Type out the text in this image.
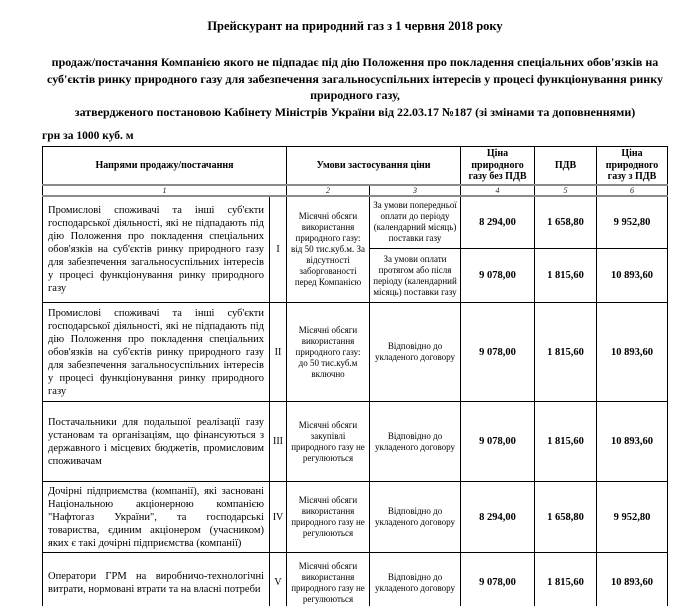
Прейскурант на природний газ з 1 червня 2018 року
продаж/постачання Компанією якого не підпадає під дію Положення про покладення спеціальних обов'язків на суб'єктів ринку природного газу для забезпечення загальносуспільних інтересів у процесі функціонування ринку природного газу,
затвердженого постановою Кабінету Міністрів України від 22.03.17 №187 (зі змінами та доповненнями)
грн за 1000 куб. м
Напрями продажу/постачання		Умови застосування ціни		Ціна природного газу без ПДВ	ПДВ	Ціна природного газу з ПДВ
1		2	3	4	5	6
Промислові споживачі та інші суб'єкти господарської діяльності, які не підпадають під дію Положення про покладення спеціальних обов'язків на суб'єктів ринку природного газу для забезпечення загальносуспільних інтересів у процесі функціонування ринку природного газу	I	Місячні обсяги використання природного газу: від 50 тис.куб.м. За відсутності заборгованості перед Компанією	За умови попередньої оплати до періоду (календарний місяць) поставки газу	8 294,00	1 658,80	9 952,80
			За умови оплати протягом або після періоду (календарний місяць) поставки газу	9 078,00	1 815,60	10 893,60
Промислові споживачі та інші суб'єкти господарської діяльності, які не підпадають під дію Положення про покладення спеціальних обов'язків на суб'єктів ринку природного газу для забезпечення загальносуспільних інтересів у процесі функціонування ринку природного газу	II	Місячні обсяги використання природного газу: до 50 тис.куб.м включно	Відповідно до укладеного договору	9 078,00	1 815,60	10 893,60
Постачальники для подальшої реалізації газу установам та організаціям, що фінансуються з державного і місцевих бюджетів, промисловим споживачам	III	Місячні обсяги закупівлі природного газу не регулюються	Відповідно до укладеного договору	9 078,00	1 815,60	10 893,60
Дочірні підприємства (компанії), які засновані Національною акціонерною компанією "Нафтогаз України", та господарські товариства, єдиним акціонером (учасником) яких є такі дочірні підприємства (компанії)	IV	Місячні обсяги використання природного газу не регулюються	Відповідно до укладеного договору	8 294,00	1 658,80	9 952,80
Оператори ГРМ на виробничо-технологічні витрати, нормовані втрати та на власні потреби	V	Місячні обсяги використання природного газу не регулюються	Відповідно до укладеного договору	9 078,00	1 815,60	10 893,60
